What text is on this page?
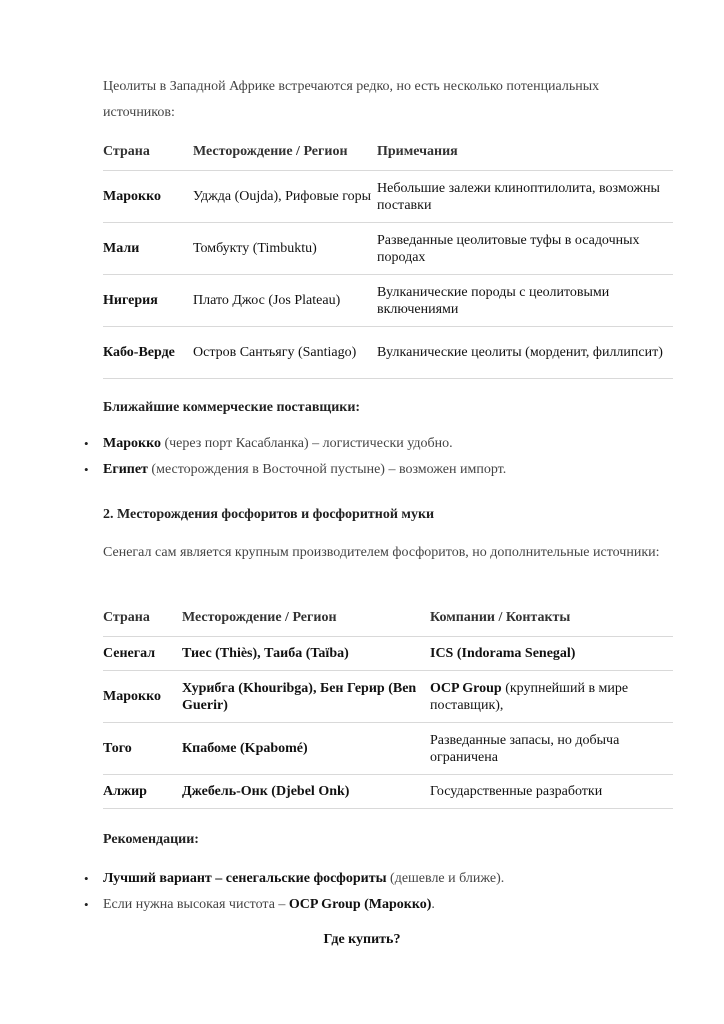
Цеолиты в Западной Африке встречаются редко, но есть несколько потенциальных источников:
Страна	Месторождение / Регион	Примечания
Марокко	Уджда (Oujda), Рифовые горы	Небольшие залежи клиноптилолита, возможны поставки
Мали	Томбукту (Timbuktu)	Разведанные цеолитовые туфы в осадочных породах
Нигерия	Плато Джос (Jos Plateau)	Вулканические породы с цеолитовыми включениями
Кабо-Верде	Остров Сантьягу (Santiago)	Вулканические цеолиты (морденит, филлипсит)
Ближайшие коммерческие поставщики:
• Марокко (через порт Касабланка) – логистически удобно.
• Египет (месторождения в Восточной пустыне) – возможен импорт.
2. Месторождения фосфоритов и фосфоритной муки
Сенегал сам является крупным производителем фосфоритов, но дополнительные источники:
Страна	Месторождение / Регион	Компании / Контакты
Сенегал	Тиес (Thiès), Таиба (Taïba)	ICS (Indorama Senegal)
Марокко	Хурибга (Khouribga), Бен Герир (Ben Guerir)	OCP Group (крупнейший в мире поставщик),
Того	Кпабоме (Kpabomé)	Разведанные запасы, но добыча ограничена
Алжир	Джебель-Онк (Djebel Onk)	Государственные разработки
Рекомендации:
• Лучший вариант – сенегальские фосфориты (дешевле и ближе).
• Если нужна высокая чистота – OCP Group (Марокко).
Где купить?
